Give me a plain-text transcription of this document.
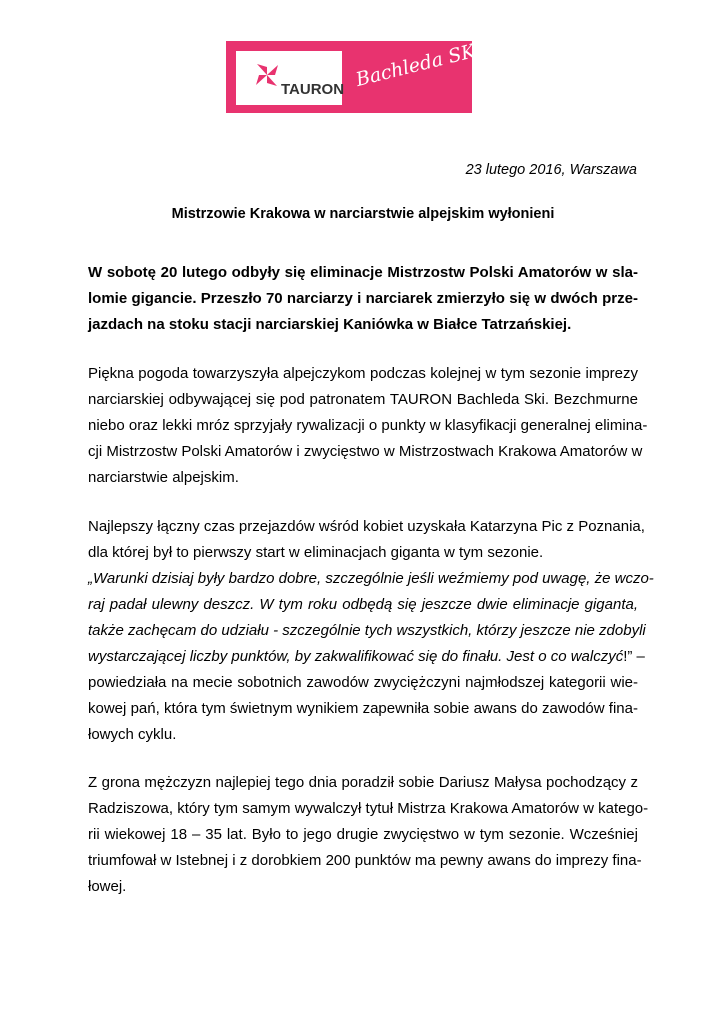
TAURON Bachleda SKI
23 lutego 2016, Warszawa
Mistrzowie Krakowa w narciarstwie alpejskim wyłonieni
W sobotę 20 lutego odbyły się eliminacje Mistrzostw Polski Amatorów w sla-
lomie gigancie. Przeszło 70 narciarzy i narciarek zmierzyło się w dwóch prze-
jazdach na stoku stacji narciarskiej Kaniówka w Białce Tatrzańskiej.
Piękna pogoda towarzyszyła alpejczykom podczas kolejnej w tym sezonie imprezy
narciarskiej odbywającej się pod patronatem TAURON Bachleda Ski. Bezchmurne
niebo oraz lekki mróz sprzyjały rywalizacji o punkty w klasyfikacji generalnej elimina-
cji Mistrzostw Polski Amatorów i zwycięstwo w Mistrzostwach Krakowa Amatorów w
narciarstwie alpejskim.
Najlepszy łączny czas przejazdów wśród kobiet uzyskała Katarzyna Pic z Poznania,
dla której był to pierwszy start w eliminacjach giganta w tym sezonie.
„Warunki dzisiaj były bardzo dobre, szczególnie jeśli weźmiemy pod uwagę, że wczo-
raj padał ulewny deszcz. W tym roku odbędą się jeszcze dwie eliminacje giganta,
także zachęcam do udziału - szczególnie tych wszystkich, którzy jeszcze nie zdobyli
wystarczającej liczby punktów, by zakwalifikować się do finału. Jest o co walczyć!” –
powiedziała na mecie sobotnich zawodów zwyciężczyni najmłodszej kategorii wie-
kowej pań, która tym świetnym wynikiem zapewniła sobie awans do zawodów fina-
łowych cyklu.
Z grona mężczyzn najlepiej tego dnia poradził sobie Dariusz Małysa pochodzący z
Radziszowa, który tym samym wywalczył tytuł Mistrza Krakowa Amatorów w katego-
rii wiekowej 18 – 35 lat. Było to jego drugie zwycięstwo w tym sezonie. Wcześniej
triumfował w Istebnej i z dorobkiem 200 punktów ma pewny awans do imprezy fina-
łowej.
